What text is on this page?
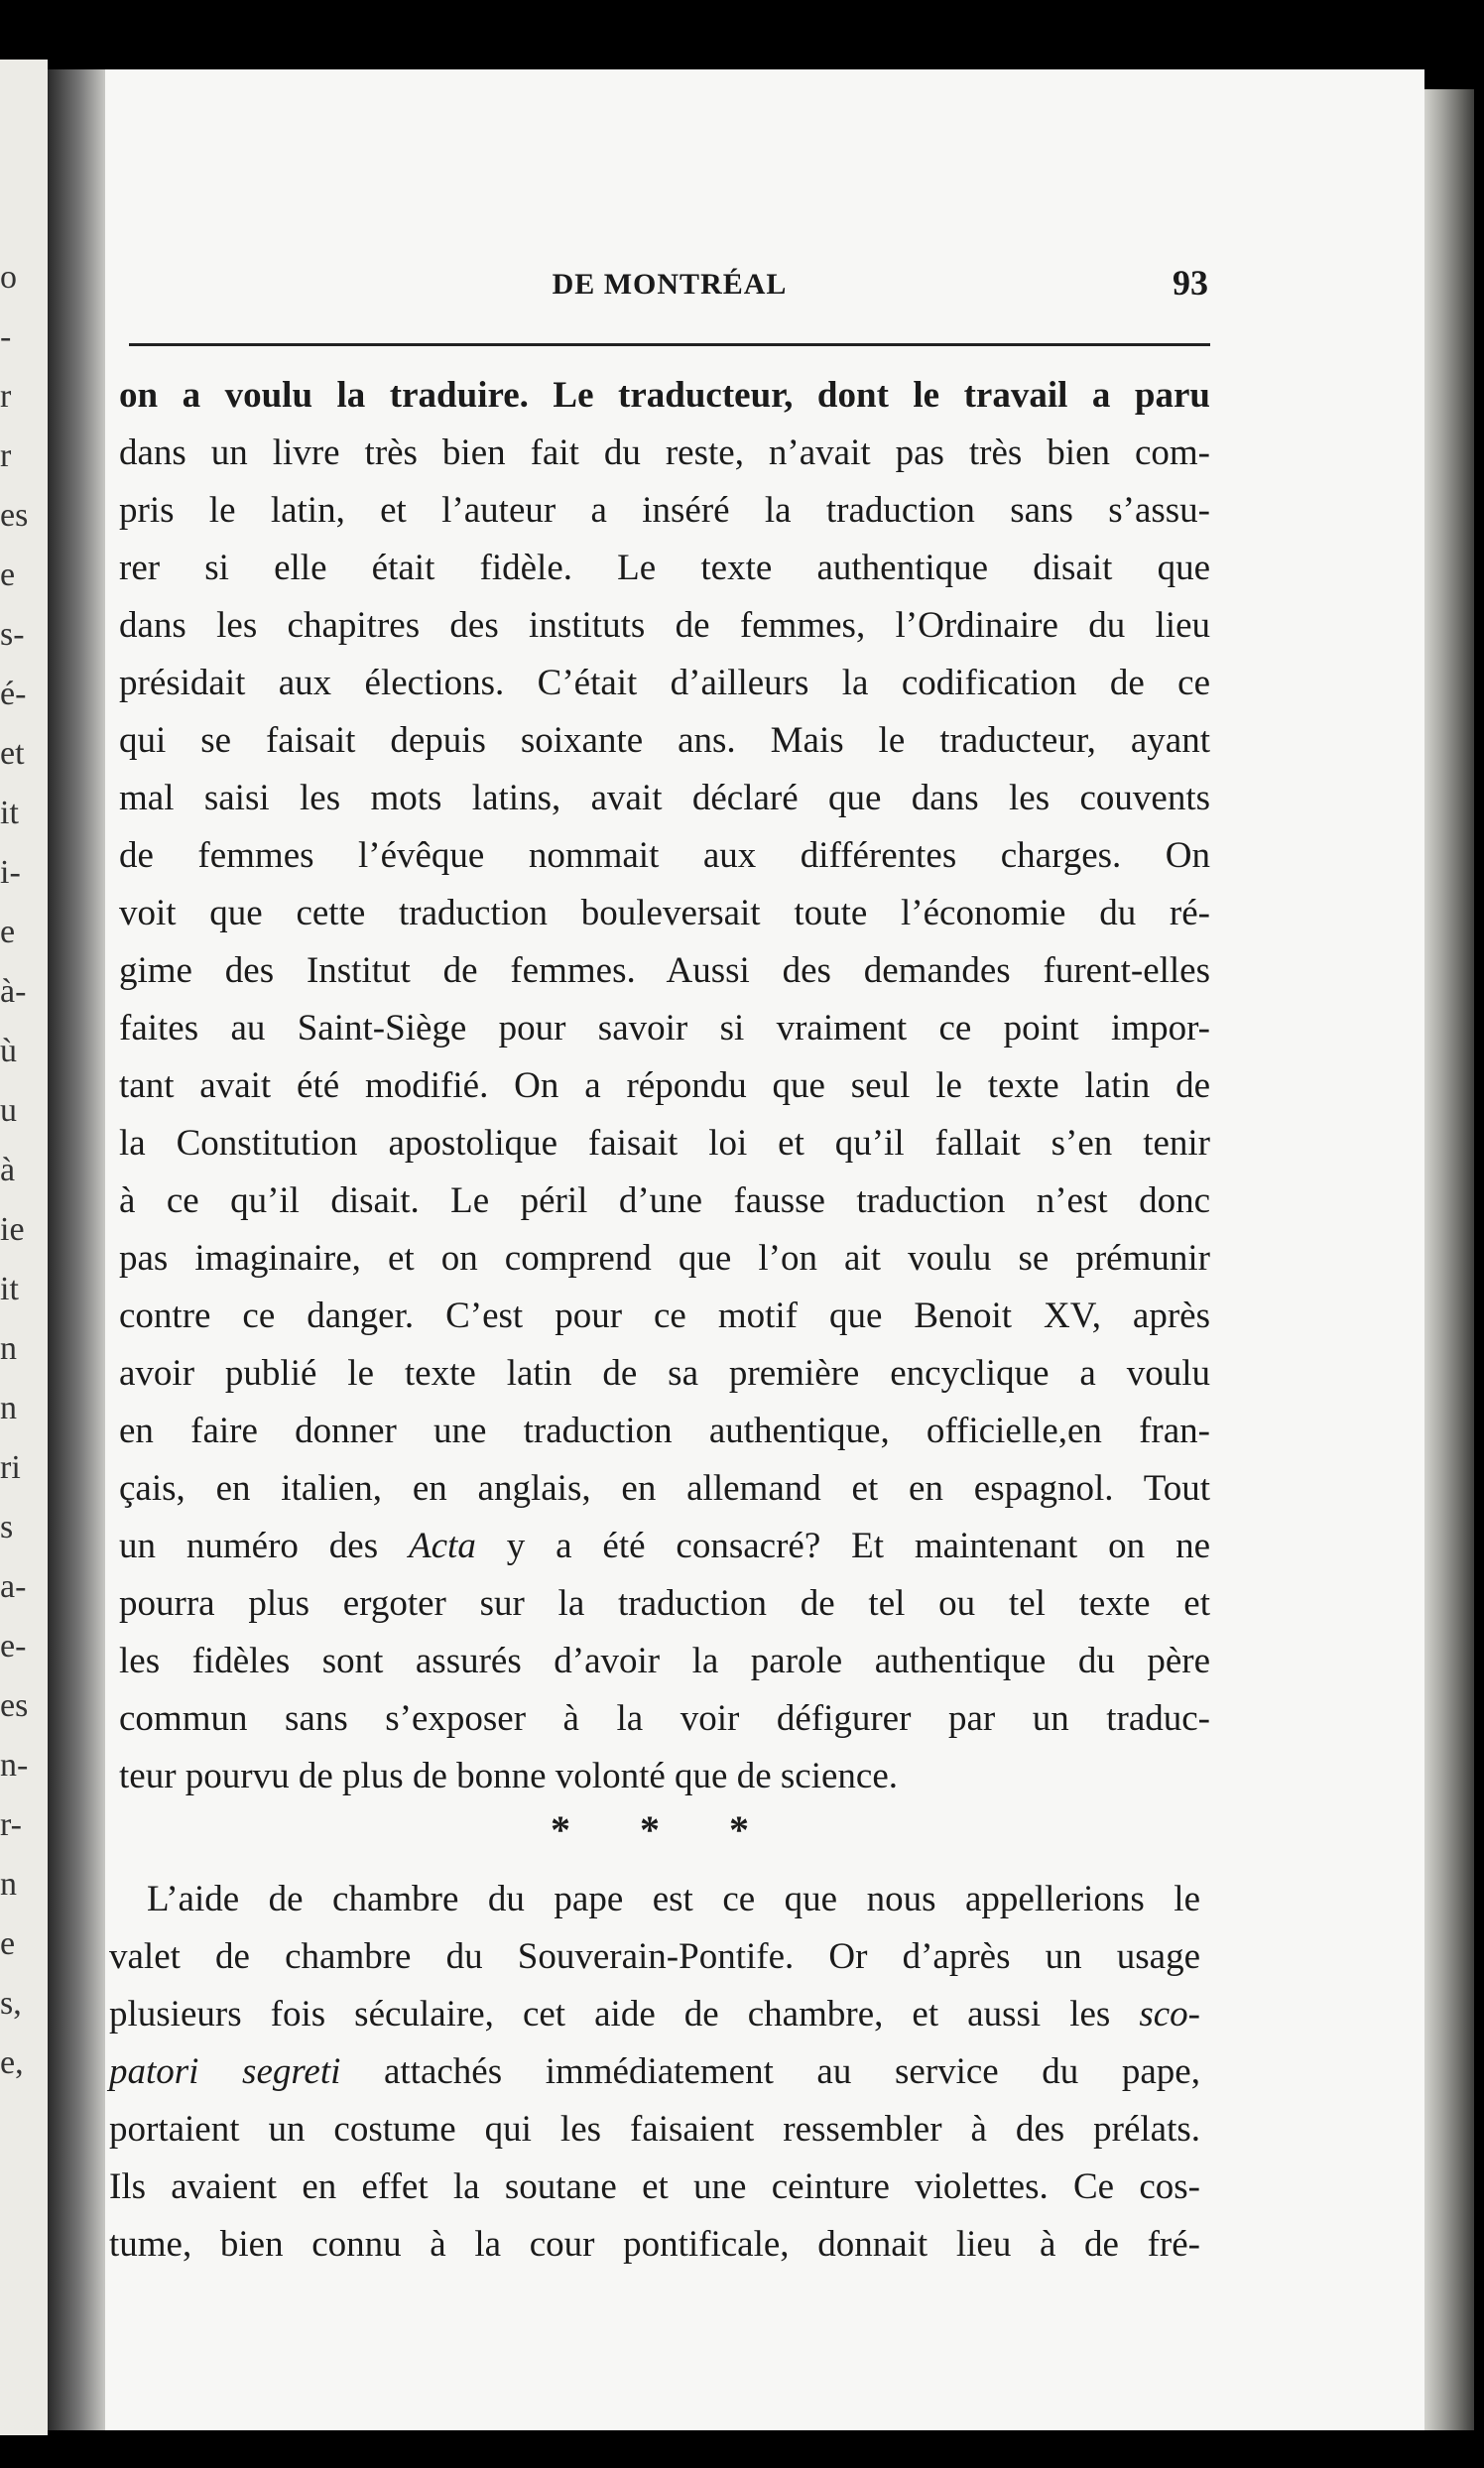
o
-
r
r
es
e
s-
é-
et
it
i-
e
à-
ù
u
à
ie
it
n
n
ri
s
a-
e-
es
n-
r-
n
e
s,
e,
DE MONTRÉAL	93
on a voulu la traduire. Le traducteur, dont le travail a paru
dans un livre très bien fait du reste, n’avait pas très bien com-
pris le latin, et l’auteur a inséré la traduction sans s’assu-
rer si elle était fidèle. Le texte authentique disait que
dans les chapitres des instituts de femmes, l’Ordinaire du lieu
présidait aux élections. C’était d’ailleurs la codification de ce
qui se faisait depuis soixante ans. Mais le traducteur, ayant
mal saisi les mots latins, avait déclaré que dans les couvents
de femmes l’évêque nommait aux différentes charges. On
voit que cette traduction bouleversait toute l’économie du ré-
gime des Institut de femmes. Aussi des demandes furent-elles
faites au Saint-Siège pour savoir si vraiment ce point impor-
tant avait été modifié. On a répondu que seul le texte latin de
la Constitution apostolique faisait loi et qu’il fallait s’en tenir
à ce qu’il disait. Le péril d’une fausse traduction n’est donc
pas imaginaire, et on comprend que l’on ait voulu se prémunir
contre ce danger. C’est pour ce motif que Benoit XV, après
avoir publié le texte latin de sa première encyclique a voulu
en faire donner une traduction authentique, officielle,en fran-
çais, en italien, en anglais, en allemand et en espagnol. Tout
un numéro des Acta y a été consacré? Et maintenant on ne
pourra plus ergoter sur la traduction de tel ou tel texte et
les fidèles sont assurés d’avoir la parole authentique du père
commun sans s’exposer à la voir défigurer par un traduc-
teur pourvu de plus de bonne volonté que de science.
* * *
L’aide de chambre du pape est ce que nous appellerions le
valet de chambre du Souverain-Pontife. Or d’après un usage
plusieurs fois séculaire, cet aide de chambre, et aussi les sco-
patori segreti attachés immédiatement au service du pape,
portaient un costume qui les faisaient ressembler à des prélats.
Ils avaient en effet la soutane et une ceinture violettes. Ce cos-
tume, bien connu à la cour pontificale, donnait lieu à de fré-
